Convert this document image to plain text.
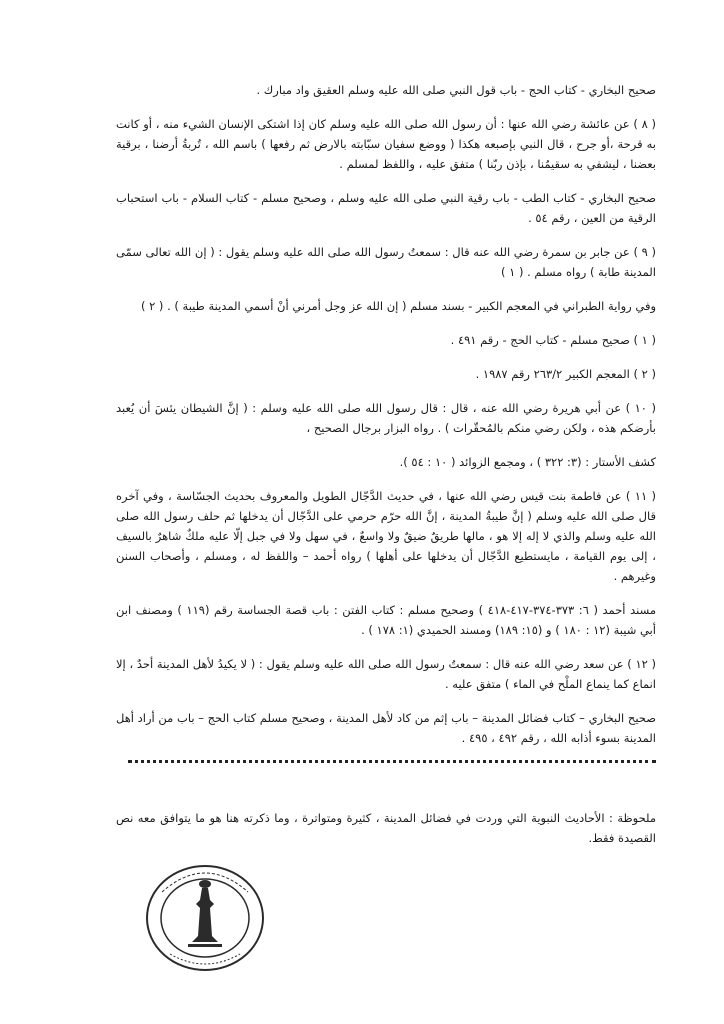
صحيح البخاري - كتاب الحج - باب قول النبي صلى الله عليه وسلم العقيق واد مبارك .

( ٨ ) عن عائشة رضي الله عنها : أن رسول الله صلى الله عليه وسلم كان إذا اشتكى الإنسان الشيء منه ، أو كانت به قرحة ،أو جرح ، قال النبي بإصبعه هكذا ( ووضع سفيان سبّابته بالارض ثم رفعها ) باسم الله ، تُربةُ أرضنا ، برقية بعضنا ، ليشفي به سقيمُنا ، بإذن ربّنا ) متفق عليه ، واللفظ لمسلم .

صحيح البخاري - كتاب الطب - باب رقية النبي صلى الله عليه وسلم ، وصحيح مسلم - كتاب السلام - باب استحباب الرقية من العين ، رقم ٥٤ .

( ٩ ) عن جابر بن سمرة رضي الله عنه قال : سمعتُ رسول الله صلى الله عليه وسلم يقول : ( إن الله تعالى سمّى المدينة طابة ) رواه مسلم . ( ١ )

وفي رواية الطبراني في المعجم الكبير - بسند مسلم ( إن الله عز وجل أمرني أنْ أسمي المدينة طيبة ) . ( ٢ )

( ١ ) صحيح مسلم - كتاب الحج - رقم ٤٩١ .

( ٢ ) المعجم الكبير ٢٦٣/٢ رقم ١٩٨٧ .

( ١٠ ) عن أبي هريرة رضي الله عنه ، قال : قال رسول الله صلى الله عليه وسلم : ( إنَّ الشيطان يئسَ أن يُعبد بأرضكم هذه ، ولكن رضي منكم بالمُحقّرات ) . رواه البزار برجال الصحيح ،

كشف الأستار : (٣: ٣٢٢ ) ، ومجمع الزوائد ( ١٠ : ٥٤ ).

( ١١ ) عن فاطمة بنت قيس رضي الله عنها ، في حديث الدَّجّال الطويل والمعروف بحديث الجسّاسة ، وفي آخره قال صلى الله عليه وسلم ( إنَّ طيبةُ المدينة ، إنَّ الله حرّم حرمي على الدَّجّال أن يدخلها ثم حلف رسول الله صلى الله عليه وسلم والذي لا إله إلا هو ، مالها طريقٌ ضيقٌ ولا واسعٌ ، في سهل ولا في جبل إلّا عليه ملكٌ شاهرٌ بالسيف ، إلى يوم القيامة ، مايستطيع الدَّجّال أن يدخلها على أهلها ) رواه أحمد – واللفظ له ، ومسلم ، وأصحاب السنن وغيرهم .

مسند أحمد ( ٦: ٣٧٣-٣٧٤-٤١٧-٤١٨ ) وصحيح مسلم : كتاب الفتن : باب قصة الجساسة رقم (١١٩ ) ومصنف ابن أبي شيبة (١٢ : ١٨٠ ) و (١٥: ١٨٩) ومسند الحميدي (١: ١٧٨ ) .

( ١٢ ) عن سعد رضي الله عنه قال : سمعتُ رسول الله صلى الله عليه وسلم يقول : ( لا يكيدُ لأهل المدينة أحدٌ ، إلا انماع كما ينماع الملْح في الماء ) متفق عليه .

صحيح البخاري – كتاب فضائل المدينة – باب إثم من كاد لأهل المدينة ، وصحيح مسلم كتاب الحج – باب من أراد أهل المدينة بسوء أذابه الله ، رقم ٤٩٢ ، ٤٩٥ .

ملحوظة : الأحاديث النبوية التي وردت في فضائل المدينة ، كثيرة ومتواترة ، وما ذكرته هنا هو ما يتوافق معه نص القصيدة فقط.
